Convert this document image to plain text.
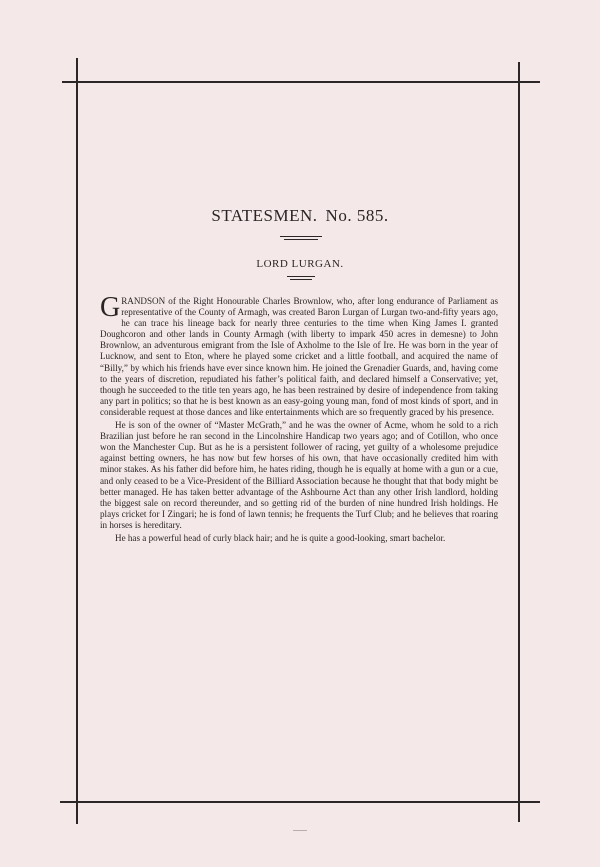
STATESMEN. No. 585.
LORD LURGAN.

GRANDSON of the Right Honourable Charles Brownlow, who, after long endurance of Parliament as representative of the County of Armagh, was created Baron Lurgan of Lurgan two-and-fifty years ago, he can trace his lineage back for nearly three centuries to the time when King James I. granted Doughcoron and other lands in County Armagh (with liberty to impark 450 acres in demesne) to John Brownlow, an adventurous emigrant from the Isle of Axholme to the Isle of Ire. He was born in the year of Lucknow, and sent to Eton, where he played some cricket and a little football, and acquired the name of “Billy,” by which his friends have ever since known him. He joined the Grenadier Guards, and, having come to the years of discretion, repudiated his father’s political faith, and declared himself a Conservative; yet, though he succeeded to the title ten years ago, he has been restrained by desire of independence from taking any part in politics; so that he is best known as an easy-going young man, fond of most kinds of sport, and in considerable request at those dances and like entertainments which are so frequently graced by his presence.

He is son of the owner of “Master McGrath,” and he was the owner of Acme, whom he sold to a rich Brazilian just before he ran second in the Lincolnshire Handicap two years ago; and of Cotillon, who once won the Manchester Cup. But as he is a persistent follower of racing, yet guilty of a wholesome prejudice against betting owners, he has now but few horses of his own, that have occasionally credited him with minor stakes. As his father did before him, he hates riding, though he is equally at home with a gun or a cue, and only ceased to be a Vice-President of the Billiard Association because he thought that that body might be better managed. He has taken better advantage of the Ashbourne Act than any other Irish landlord, holding the biggest sale on record thereunder, and so getting rid of the burden of nine hundred Irish holdings. He plays cricket for I Zingari; he is fond of lawn tennis; he frequents the Turf Club; and he believes that roaring in horses is hereditary.

He has a powerful head of curly black hair; and he is quite a good-looking, smart bachelor.
